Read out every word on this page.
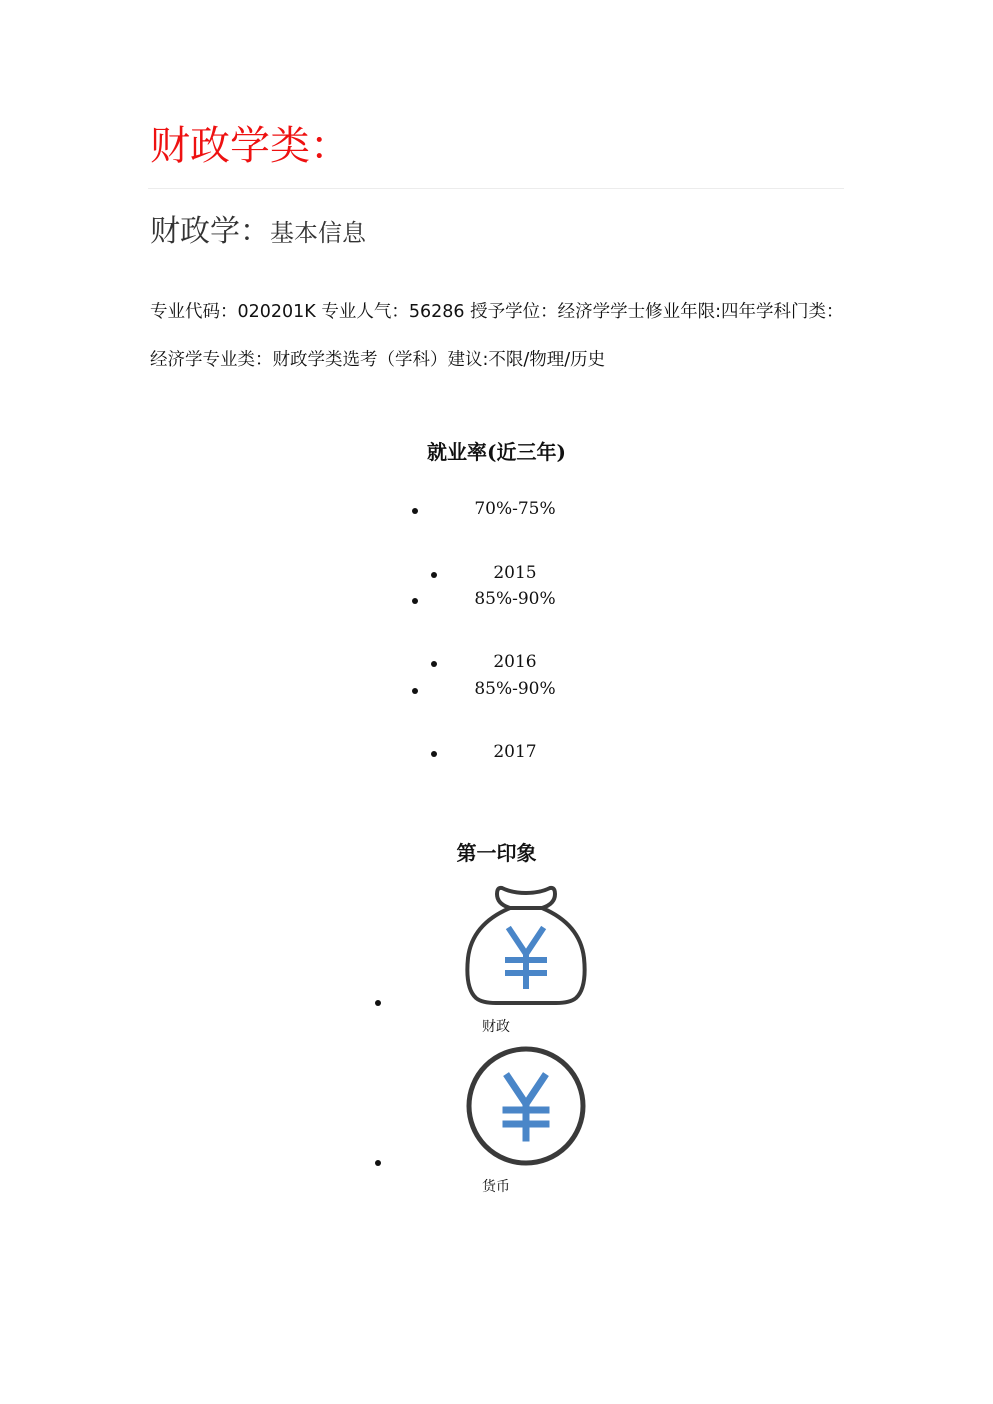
财政学类：
财政学：基本信息
专业代码：020201K 专业人气：56286 授予学位：经济学学士修业年限:四年学科门类：经济学专业类：财政学类选考（学科）建议:不限/物理/历史
就业率(近三年)
70%-75%
2015
85%-90%
2016
85%-90%
2017
第一印象
财政
货币
